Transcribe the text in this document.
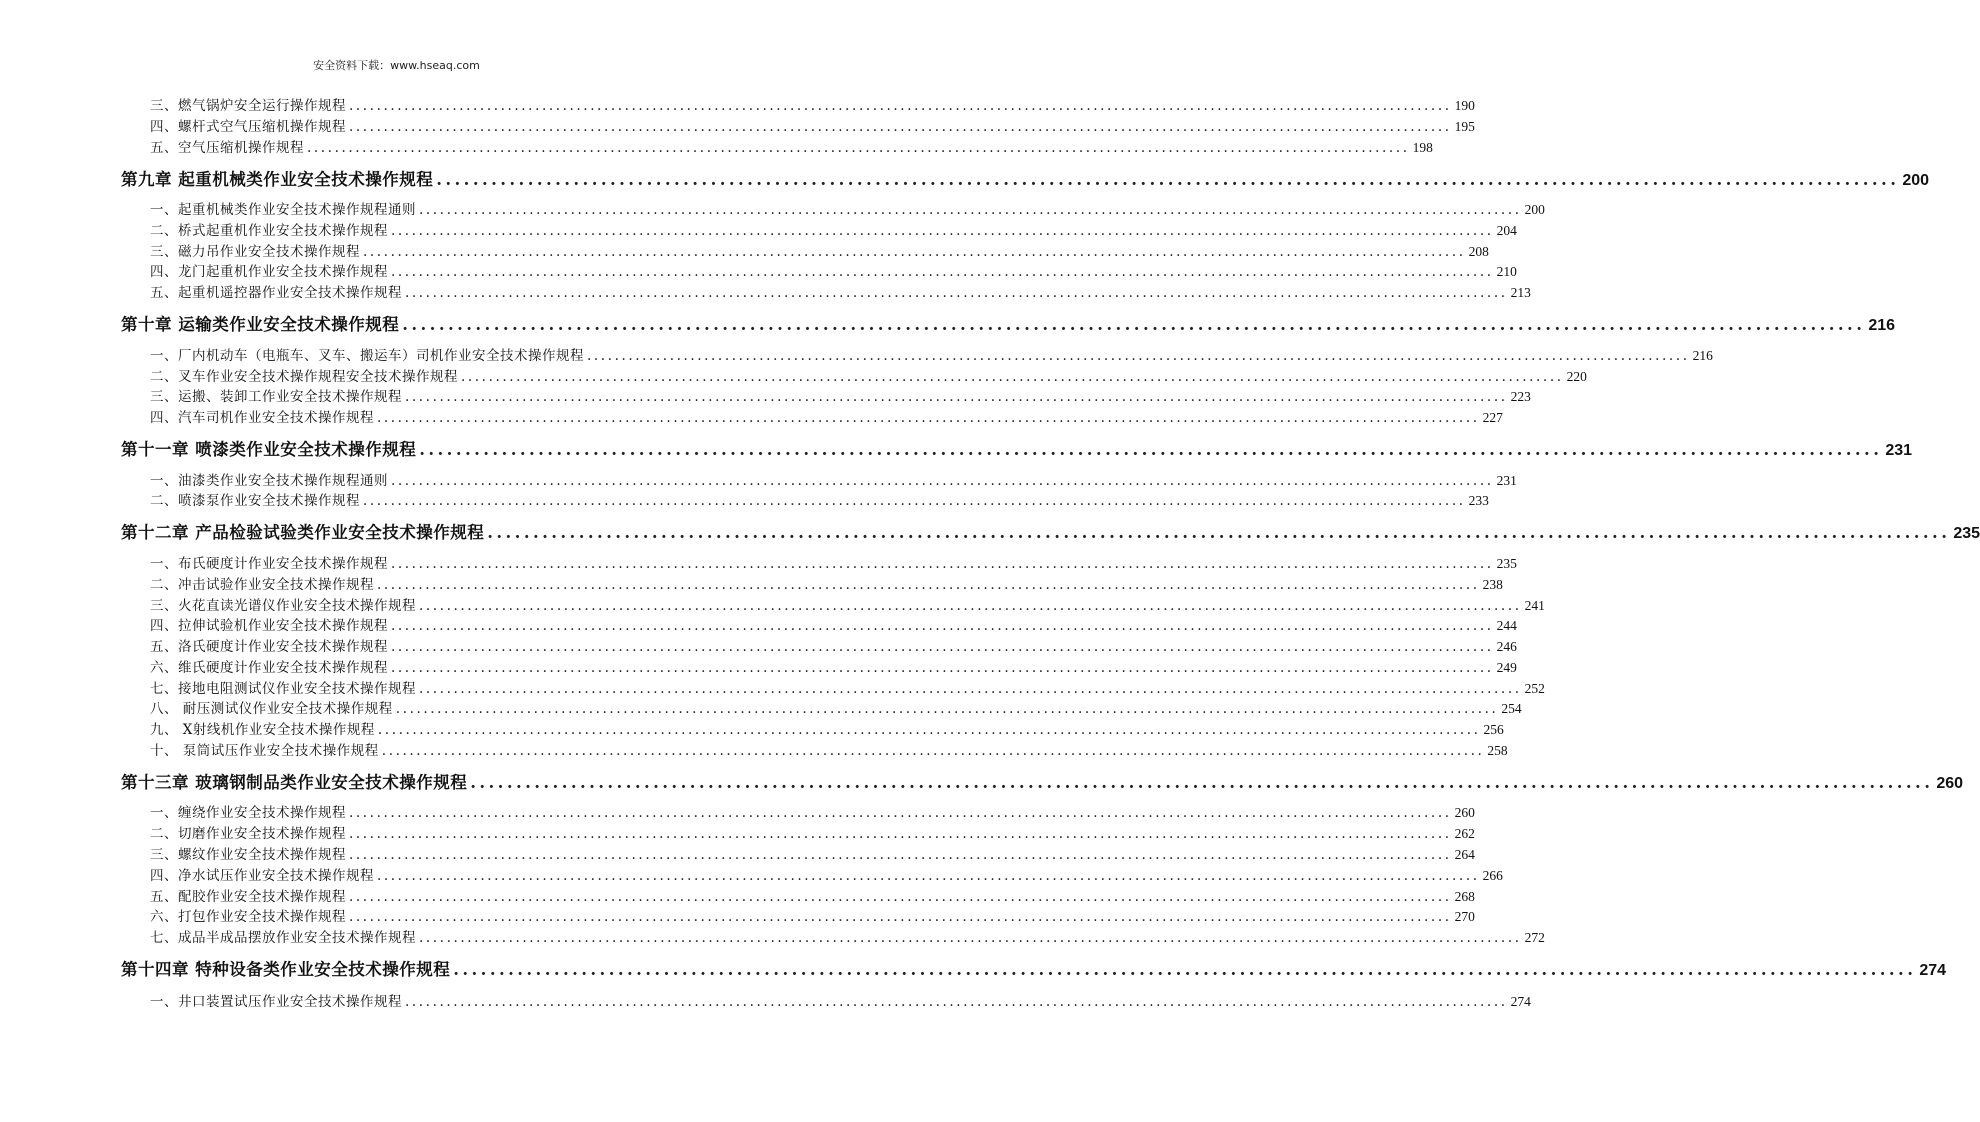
安全资料下载：www.hseaq.com
三、燃气锅炉安全运行操作规程 ................................................................................................................................................................ 190
四、螺杆式空气压缩机操作规程 ................................................................................................................................................................ 195
五、空气压缩机操作规程 ................................................................................................................................................................ 198
第九章 起重机械类作业安全技术操作规程 ................................................................................................................................................................ 200
一、起重机械类作业安全技术操作规程通则 ................................................................................................................................................................ 200
二、桥式起重机作业安全技术操作规程 ................................................................................................................................................................ 204
三、磁力吊作业安全技术操作规程 ................................................................................................................................................................ 208
四、龙门起重机作业安全技术操作规程 ................................................................................................................................................................ 210
五、起重机遥控器作业安全技术操作规程 ................................................................................................................................................................ 213
第十章 运输类作业安全技术操作规程 ................................................................................................................................................................ 216
一、厂内机动车（电瓶车、叉车、搬运车）司机作业安全技术操作规程 ................................................................................................................................................................ 216
二、叉车作业安全技术操作规程安全技术操作规程 ................................................................................................................................................................ 220
三、运搬、装卸工作业安全技术操作规程 ................................................................................................................................................................ 223
四、汽车司机作业安全技术操作规程 ................................................................................................................................................................ 227
第十一章 喷漆类作业安全技术操作规程 ................................................................................................................................................................ 231
一、油漆类作业安全技术操作规程通则 ................................................................................................................................................................ 231
二、喷漆泵作业安全技术操作规程 ................................................................................................................................................................ 233
第十二章 产品检验试验类作业安全技术操作规程 ................................................................................................................................................................ 235
一、布氏硬度计作业安全技术操作规程 ................................................................................................................................................................ 235
二、冲击试验作业安全技术操作规程 ................................................................................................................................................................ 238
三、火花直读光谱仪作业安全技术操作规程 ................................................................................................................................................................ 241
四、拉伸试验机作业安全技术操作规程 ................................................................................................................................................................ 244
五、洛氏硬度计作业安全技术操作规程 ................................................................................................................................................................ 246
六、维氏硬度计作业安全技术操作规程 ................................................................................................................................................................ 249
七、接地电阻测试仪作业安全技术操作规程 ................................................................................................................................................................ 252
八、 耐压测试仪作业安全技术操作规程 ................................................................................................................................................................ 254
九、 X射线机作业安全技术操作规程 ................................................................................................................................................................ 256
十、 泵筒试压作业安全技术操作规程 ................................................................................................................................................................ 258
第十三章 玻璃钢制品类作业安全技术操作规程 ................................................................................................................................................................ 260
一、缠绕作业安全技术操作规程 ................................................................................................................................................................ 260
二、切磨作业安全技术操作规程 ................................................................................................................................................................ 262
三、螺纹作业安全技术操作规程 ................................................................................................................................................................ 264
四、净水试压作业安全技术操作规程 ................................................................................................................................................................ 266
五、配胶作业安全技术操作规程 ................................................................................................................................................................ 268
六、打包作业安全技术操作规程 ................................................................................................................................................................ 270
七、成品半成品摆放作业安全技术操作规程 ................................................................................................................................................................ 272
第十四章 特种设备类作业安全技术操作规程 ................................................................................................................................................................ 274
一、井口装置试压作业安全技术操作规程 ................................................................................................................................................................ 274
